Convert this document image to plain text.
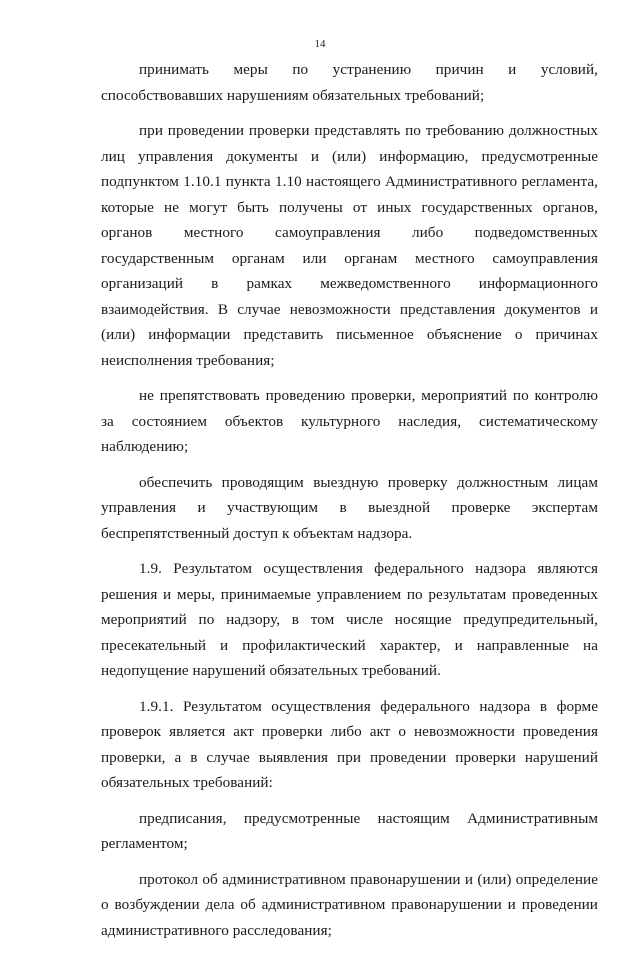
14

принимать меры по устранению причин и условий, способствовавших нарушениям обязательных требований;

при проведении проверки представлять по требованию должностных лиц управления документы и (или) информацию, предусмотренные подпунктом 1.10.1 пункта 1.10 настоящего Административного регламента, которые не могут быть получены от иных государственных органов, органов местного самоуправления либо подведомственных государственным органам или органам местного самоуправления организаций в рамках межведомственного информационного взаимодействия. В случае невозможности представления документов и (или) информации представить письменное объяснение о причинах неисполнения требования;

не препятствовать проведению проверки, мероприятий по контролю за состоянием объектов культурного наследия, систематическому наблюдению;

обеспечить проводящим выездную проверку должностным лицам управления и участвующим в выездной проверке экспертам беспрепятственный доступ к объектам надзора.

1.9. Результатом осуществления федерального надзора являются решения и меры, принимаемые управлением по результатам проведенных мероприятий по надзору, в том числе носящие предупредительный, пресекательный и профилактический характер, и направленные на недопущение нарушений обязательных требований.

1.9.1. Результатом осуществления федерального надзора в форме проверок является акт проверки либо акт о невозможности проведения проверки, а в случае выявления при проведении проверки нарушений обязательных требований:

предписания, предусмотренные настоящим Административным регламентом;

протокол об административном правонарушении и (или) определение о возбуждении дела об административном правонарушении и проведении административного расследования;
